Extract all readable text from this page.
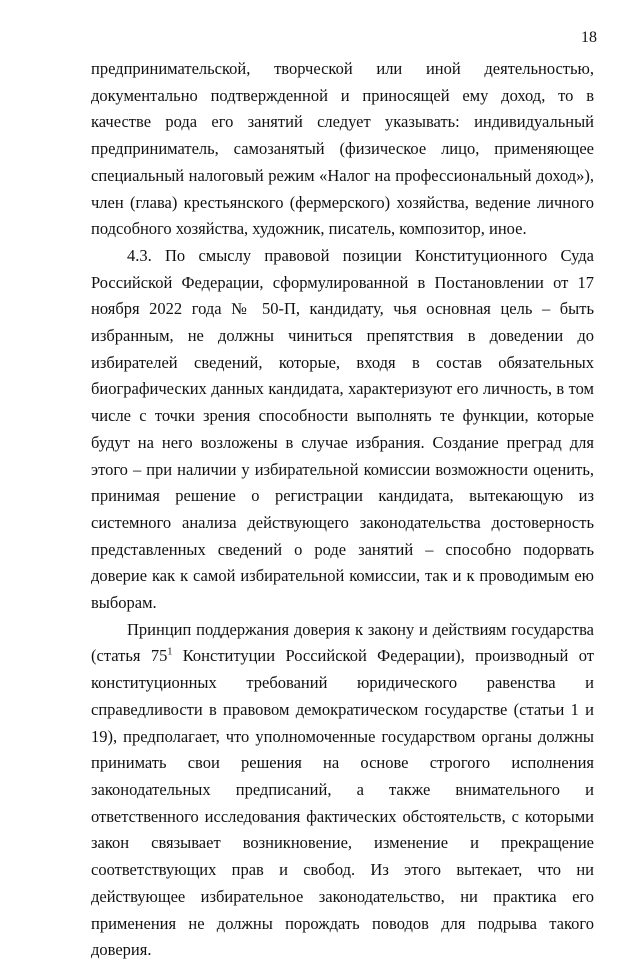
18

предпринимательской, творческой или иной деятельностью, документально подтвержденной и приносящей ему доход, то в качестве рода его занятий следует указывать: индивидуальный предприниматель, самозанятый (физическое лицо, применяющее специальный налоговый режим «Налог на профессиональный доход»), член (глава) крестьянского (фермерского) хозяйства, ведение личного подсобного хозяйства, художник, писатель, композитор, иное.

4.3. По смыслу правовой позиции Конституционного Суда Российской Федерации, сформулированной в Постановлении от 17 ноября 2022 года № 50-П, кандидату, чья основная цель – быть избранным, не должны чиниться препятствия в доведении до избирателей сведений, которые, входя в состав обязательных биографических данных кандидата, характеризуют его личность, в том числе с точки зрения способности выполнять те функции, которые будут на него возложены в случае избрания. Создание преград для этого – при наличии у избирательной комиссии возможности оценить, принимая решение о регистрации кандидата, вытекающую из системного анализа действующего законодательства достоверность представленных сведений о роде занятий – способно подорвать доверие как к самой избирательной комиссии, так и к проводимым ею выборам.

Принцип поддержания доверия к закону и действиям государства (статья $75^1$ Конституции Российской Федерации), производный от конституционных требований юридического равенства и справедливости в правовом демократическом государстве (статьи 1 и 19), предполагает, что уполномоченные государством органы должны принимать свои решения на основе строгого исполнения законодательных предписаний, а также внимательного и ответственного исследования фактических обстоятельств, с которыми закон связывает возникновение, изменение и прекращение соответствующих прав и свобод. Из этого вытекает, что ни действующее избирательное законодательство, ни практика его применения не должны порождать поводов для подрыва такого доверия.
